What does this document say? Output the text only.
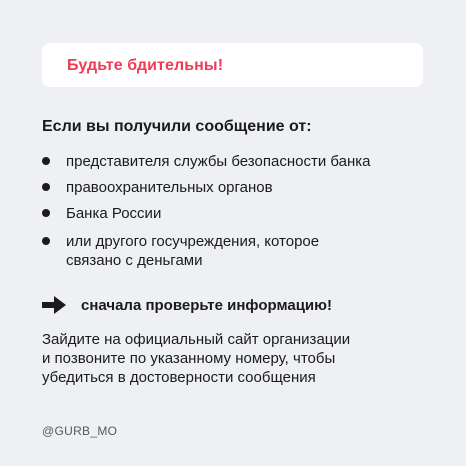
Будьте бдительны!
Если вы получили сообщение от:
представителя службы безопасности банка
правоохранительных органов
Банка России
или другого госучреждения, которое
связано с деньгами
сначала проверьте информацию!
Зайдите на официальный сайт организации
и позвоните по указанному номеру, чтобы
убедиться в достоверности сообщения
@GURB_MO
